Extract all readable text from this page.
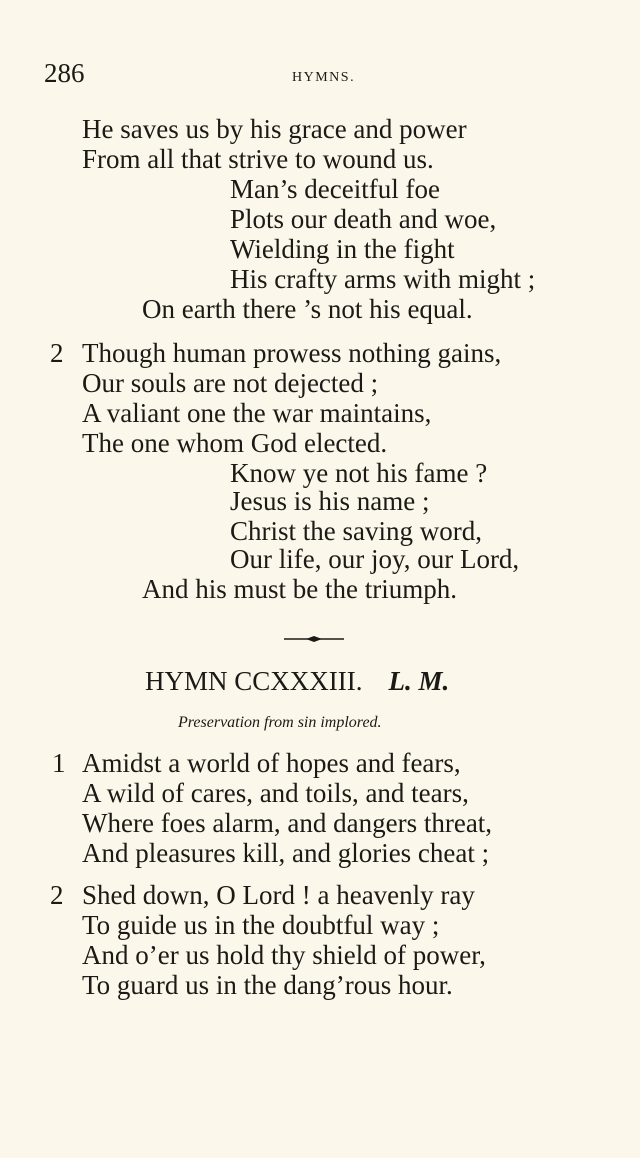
286	HYMNS.
He saves us by his grace and power
From all that strive to wound us.
Man’s deceitful foe
Plots our death and woe,
Wielding in the fight
His crafty arms with might ;
On earth there ’s not his equal.
2 Though human prowess nothing gains,
Our souls are not dejected ;
A valiant one the war maintains,
The one whom God elected.
Know ye not his fame ?
Jesus is his name ;
Christ the saving word,
Our life, our joy, our Lord,
And his must be the triumph.
HYMN CCXXXIII. L. M.
Preservation from sin implored.
1 Amidst a world of hopes and fears,
A wild of cares, and toils, and tears,
Where foes alarm, and dangers threat,
And pleasures kill, and glories cheat ;
2 Shed down, O Lord ! a heavenly ray
To guide us in the doubtful way ;
And o’er us hold thy shield of power,
To guard us in the dang’rous hour.
